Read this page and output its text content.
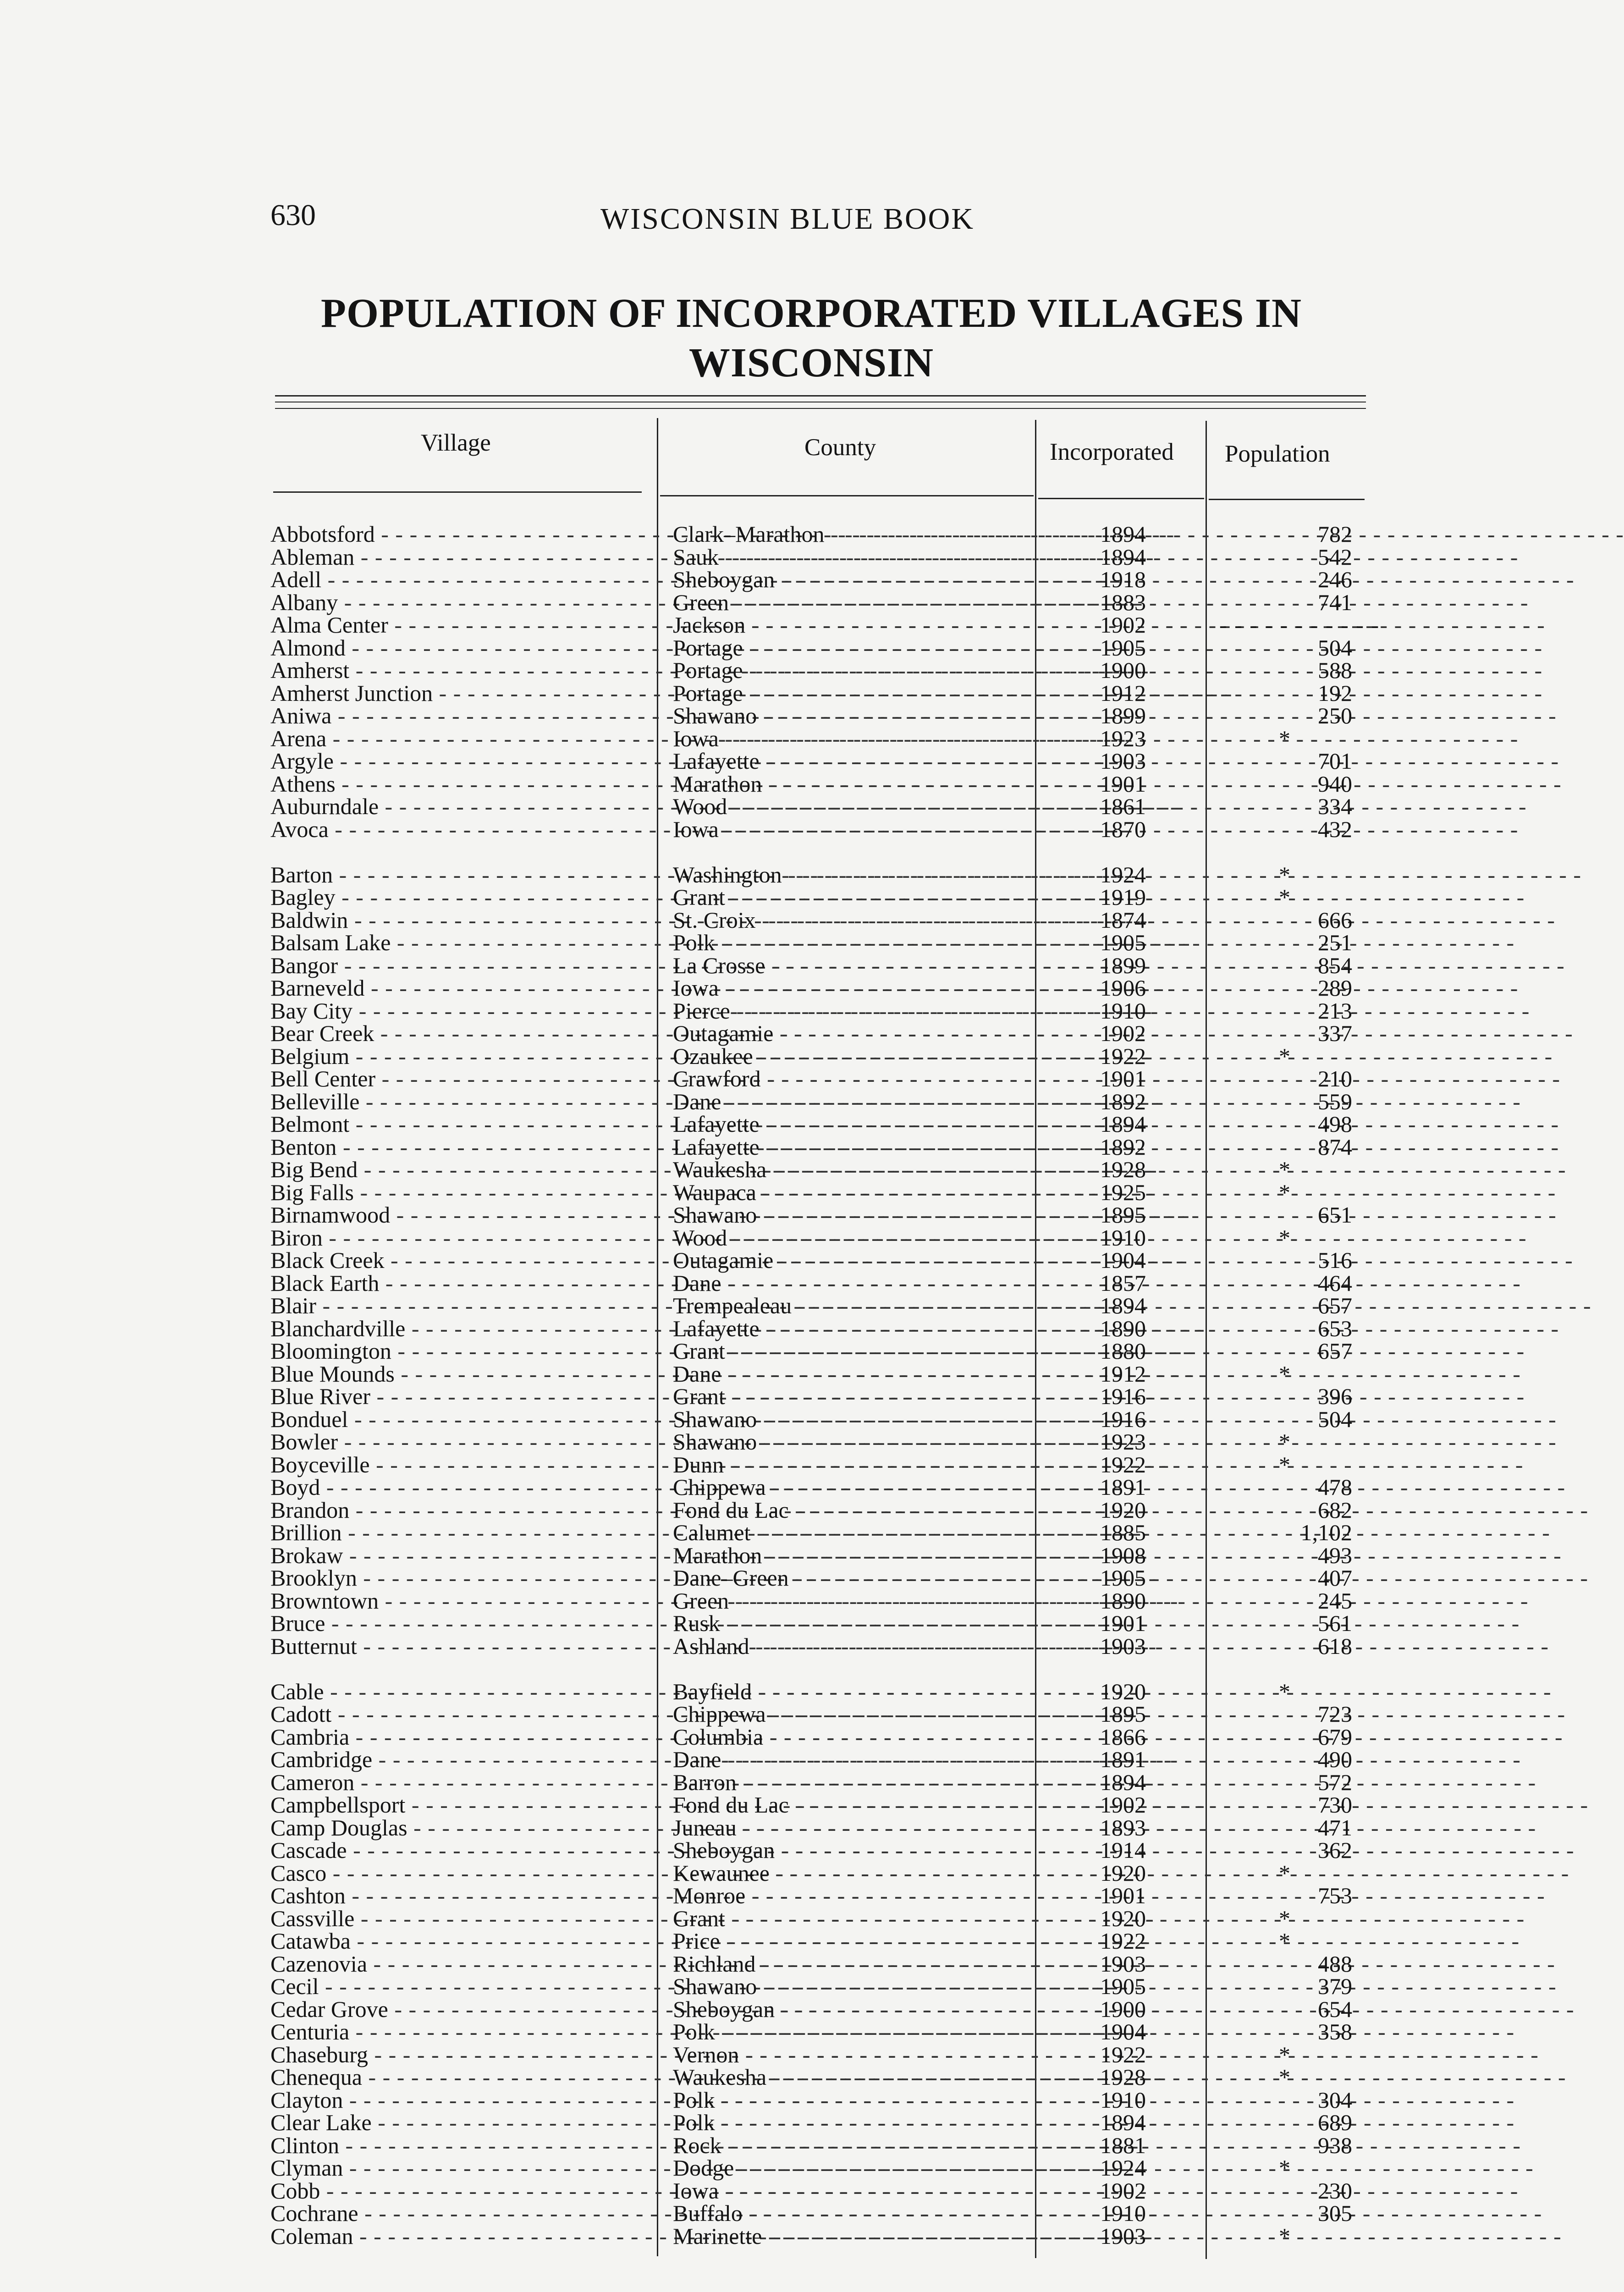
630	WISCONSIN BLUE BOOK
POPULATION OF INCORPORATED VILLAGES IN
WISCONSIN
Village	County	Incorporated Population
Abbotsford - - -	Clark–Marathon - - -	1894	782
Ableman - - -	Sauk - - -	1894	542
Adell - - -	Sheboygan - - -	1918	246
Albany - - -	Green - - -	1883	741
Alma Center - - -	Jackson - - -	1902	- - - - - - - - - - -
Almond - - -	Portage - - -	1905	504
Amherst - - -	Portage - - -	1900	588
Amherst Junction - - -	Portage - - -	1912	192
Aniwa - - -	Shawano - - -	1899	250
Arena - - -	Iowa - - -	1923	*
Argyle - - -	Lafayette - - -	1903	701
Athens - - -	Marathon - - -	1901	940
Auburndale - - -	Wood - - -	1861	334
Avoca - - -	Iowa - - -	1870	432
Barton - - -	Washington - - -	1924	*
Bagley - - -	Grant - - -	1919	*
Baldwin - - -	St. Croix - - -	1874	666
Balsam Lake - - -	Polk - - -	1905	251
Bangor - - -	La Crosse - - -	1899	854
Barneveld - - -	Iowa - - -	1906	289
Bay City - - -	Pierce - - -	1910	213
Bear Creek - - -	Outagamie - - -	1902	337
Belgium - - -	Ozaukee - - -	1922	*
Bell Center - - -	Crawford - - -	1901	210
Belleville - - -	Dane - - -	1892	559
Belmont - - -	Lafayette - - -	1894	498
Benton - - -	Lafayette - - -	1892	874
Big Bend - - -	Waukesha - - -	1928	*
Big Falls - - -	Waupaca - - -	1925	*
Birnamwood - - -	Shawano - - -	1895	651
Biron - - -	Wood - - -	1910	*
Black Creek - - -	Outagamie - - -	1904	516
Black Earth - - -	Dane - - -	1857	464
Blair - - -	Trempealeau - - -	1894	657
Blanchardville - - -	Lafayette - - -	1890	653
Bloomington - - -	Grant - - -	1880	657
Blue Mounds - - -	Dane - - -	1912	*
Blue River - - -	Grant - - -	1916	396
Bonduel - - -	Shawano - - -	1916	504
Bowler - - -	Shawano - - -	1923	*
Boyceville - - -	Dunn - - -	1922	*
Boyd - - -	Chippewa - - -	1891	478
Brandon - - -	Fond du Lac - - -	1920	682
Brillion - - -	Calumet - - -	1885	1,102
Brokaw - - -	Marathon - - -	1908	493
Brooklyn - - -	Dane–Green - - -	1905	407
Browntown - - -	Green - - -	1890	245
Bruce - - -	Rusk - - -	1901	561
Butternut - - -	Ashland - - -	1903	618
Cable - - -	Bayfield - - -	1920	*
Cadott - - -	Chippewa - - -	1895	723
Cambria - - -	Columbia - - -	1866	679
Cambridge - - -	Dane - - -	1891	490
Cameron - - -	Barron - - -	1894	572
Campbellsport - - -	Fond du Lac - - -	1902	730
Camp Douglas - - -	Juneau - - -	1893	471
Cascade - - -	Sheboygan - - -	1914	362
Casco - - -	Kewaunee - - -	1920	*
Cashton - - -	Monroe - - -	1901	753
Cassville - - -	Grant - - -	1920	*
Catawba - - -	Price - - -	1922	*
Cazenovia - - -	Richland - - -	1903	488
Cecil - - -	Shawano - - -	1905	379
Cedar Grove - - -	Sheboygan - - -	1900	654
Centuria - - -	Polk - - -	1904	358
Chaseburg - - -	Vernon - - -	1922	*
Chenequa - - -	Waukesha - - -	1928	*
Clayton - - -	Polk - - -	1910	304
Clear Lake - - -	Polk - - -	1894	689
Clinton - - -	Rock - - -	1881	938
Clyman - - -	Dodge - - -	1924	*
Cobb - - -	Iowa - - -	1902	230
Cochrane - - -	Buffalo - - -	1910	305
Coleman - - -	Marinette - - -	1903	*
